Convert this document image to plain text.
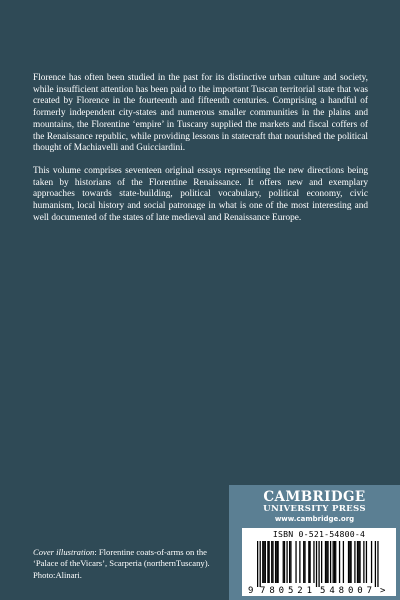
Florence has often been studied in the past for its distinctive urban culture and society, while insufficient attention has been paid to the important Tuscan territorial state that was created by Florence in the fourteenth and fifteenth centuries. Comprising a handful of formerly independent city-states and numerous smaller communities in the plains and mountains, the Florentine ‘empire’ in Tuscany supplied the markets and fiscal coffers of the Renaissance republic, while providing lessons in statecraft that nourished the political thought of Machiavelli and Guicciardini.

This volume comprises seventeen original essays representing the new directions being taken by historians of the Florentine Renaissance. It offers new and exemplary approaches towards state-building, political vocabulary, political economy, civic humanism, local history and social patronage in what is one of the most interesting and well documented of the states of late medieval and Renaissance Europe.

Cover illustration: Florentine coats-of-arms on the ‘Palace of theVicars’, Scarperia (northernTuscany). Photo:Alinari.
CAMBRIDGE
UNIVERSITY PRESS
www.cambridge.org
ISBN 0-521-54800-4
9 780521 548007 >
